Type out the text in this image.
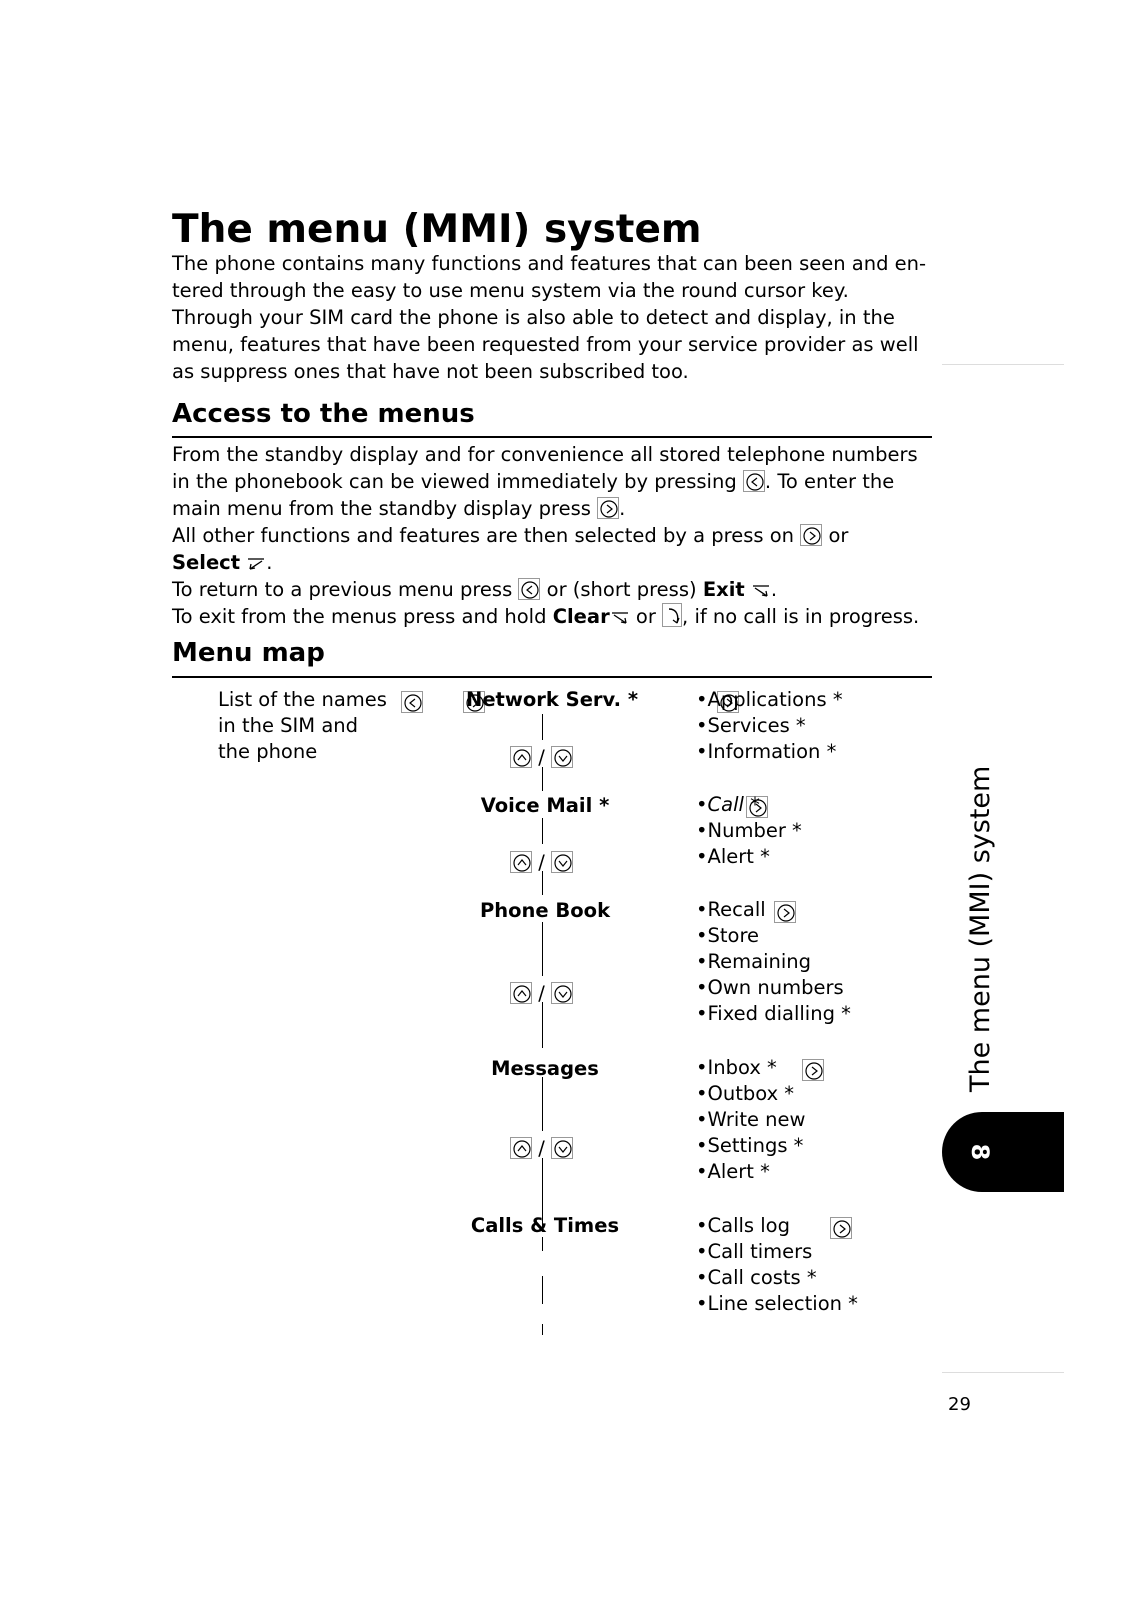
The menu (MMI) system
The phone contains many functions and features that can been seen and en-
tered through the easy to use menu system via the round cursor key.
Through your SIM card the phone is also able to detect and display, in the
menu, features that have been requested from your service provider as well
as suppress ones that have not been subscribed too.
Access to the menus
From the standby display and for convenience all stored telephone numbers
in the phonebook can be viewed immediately by pressing . To enter the
main menu from the standby display press .
All other functions and features are then selected by a press on or
Select .
To return to a previous menu press or (short press) Exit .
To exit from the menus press and hold Clear or , if no call is in progress.
Menu map
List of the names
in the SIM and
the phone

	/
/
/
/
Network Serv. *
Voice Mail *
Phone Book
Messages
Calls & Times

•Applications *
•Services *
•Information *
•Call *
•Number *
•Alert *
•Recall
•Store
•Remaining
•Own numbers
•Fixed dialling *
•Inbox *
•Outbox *
•Write new
•Settings *
•Alert *
•Calls log
•Call timers
•Call costs *
•Line selection *
The menu (MMI) system
8
29
